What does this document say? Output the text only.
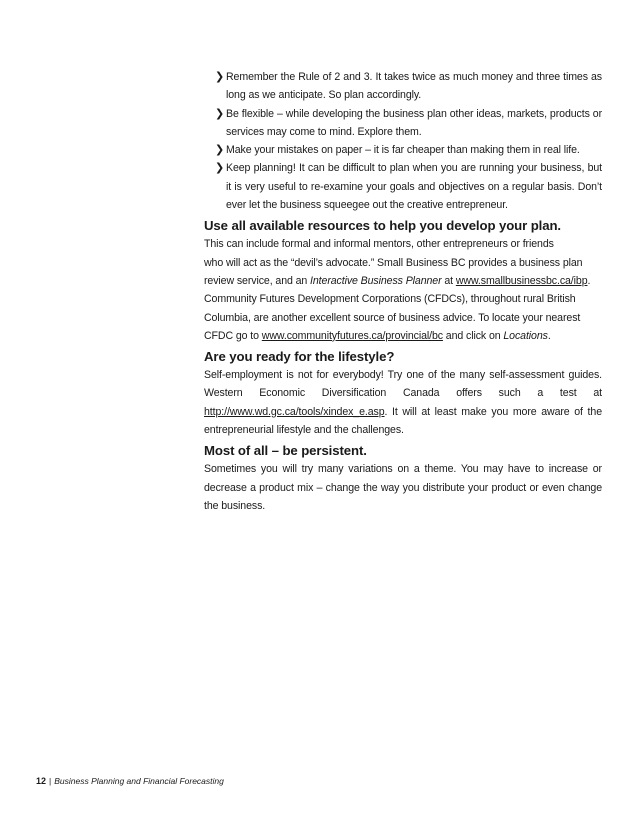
❯ Remember the Rule of 2 and 3. It takes twice as much money and three times as long as we anticipate. So plan accordingly.
❯ Be flexible – while developing the business plan other ideas, markets, products or services may come to mind. Explore them.
❯ Make your mistakes on paper – it is far cheaper than making them in real life.
❯ Keep planning! It can be difficult to plan when you are running your business, but it is very useful to re-examine your goals and objectives on a regular basis. Don’t ever let the business squeegee out the creative entrepreneur.
Use all available resources to help you develop your plan.
This can include formal and informal mentors, other entrepreneurs or friends
who will act as the “devil’s advocate.” Small Business BC provides a business plan
review service, and an Interactive Business Planner at www.smallbusinessbc.ca/ibp.
Community Futures Development Corporations (CFDCs), throughout rural British
Columbia, are another excellent source of business advice. To locate your nearest
CFDC go to www.communityfutures.ca/provincial/bc and click on Locations.
Are you ready for the lifestyle?

Self-employment is not for everybody! Try one of the many self-assessment guides. Western Economic Diversification Canada offers such a test at http://www.wd.gc.ca/tools/xindex_e.asp. It will at least make you more aware of the entrepreneurial lifestyle and the challenges.

Most of all – be persistent.

Sometimes you will try many variations on a theme. You may have to increase or decrease a product mix – change the way you distribute your product or even change the business.

12 | Business Planning and Financial Forecasting
